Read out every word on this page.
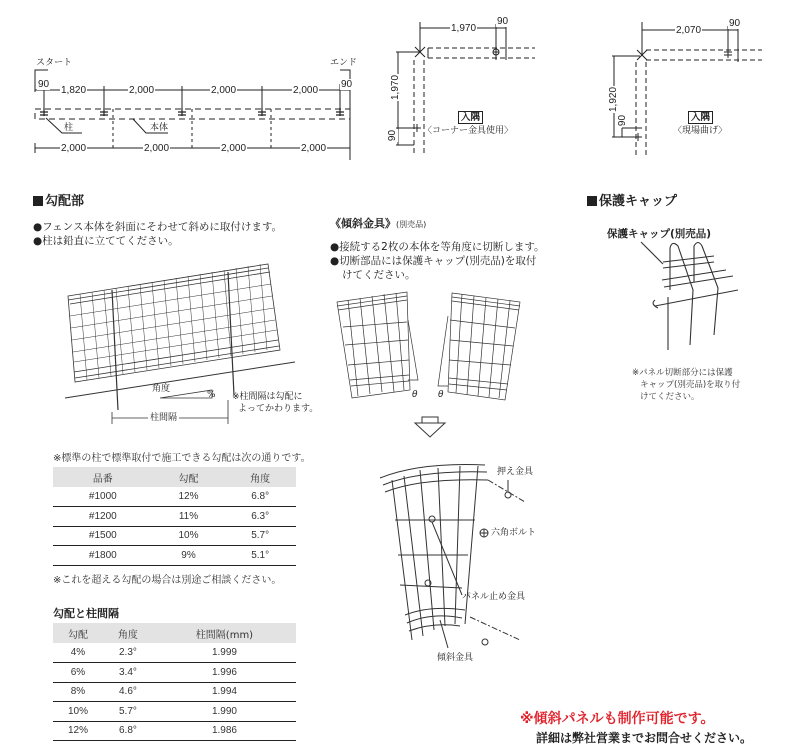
スタート	エンド
90
1,820	2,000	2,000	2,000
90
柱	本体
2,000	2,000	2,000	2,000
1,970
90
1,970
90
入隅
〈コーナー金具使用〉
2,070
90
1,920
90	入隅
〈現場曲げ〉
勾配部
●フェンス本体を斜面にそわせて斜めに取付けます。
●柱は鉛直に立ててください。
角度
%
柱間隔
※柱間隔は勾配に
よってかわります。
《傾斜金具》(別売品)
●接続する2枚の本体を等角度に切断します。
●切断部品には保護キャップ(別売品)を取付
けてください。
θ θ
押え金具
六角ボルト
パネル止め金具
傾斜金具
保護キャップ
保護キャップ(別売品)
※パネル切断部分には保護
キャップ(別売品)を取り付
けてください。
※標準の柱で標準取付で施工できる勾配は次の通りです。
品番	勾配	角度
#1000	12%	6.8°
#1200	11%	6.3°
#1500	10%	5.7°
#1800	9%	5.1°
※これを超える勾配の場合は別途ご相談ください。
勾配と柱間隔
勾配	角度	柱間隔(mm)
4%	2.3°	1.999
6%	3.4°	1.996
8%	4.6°	1.994
10%	5.7°	1.990
12%	6.8°	1.986
※傾斜パネルも制作可能です。
詳細は弊社営業までお問合せください。
